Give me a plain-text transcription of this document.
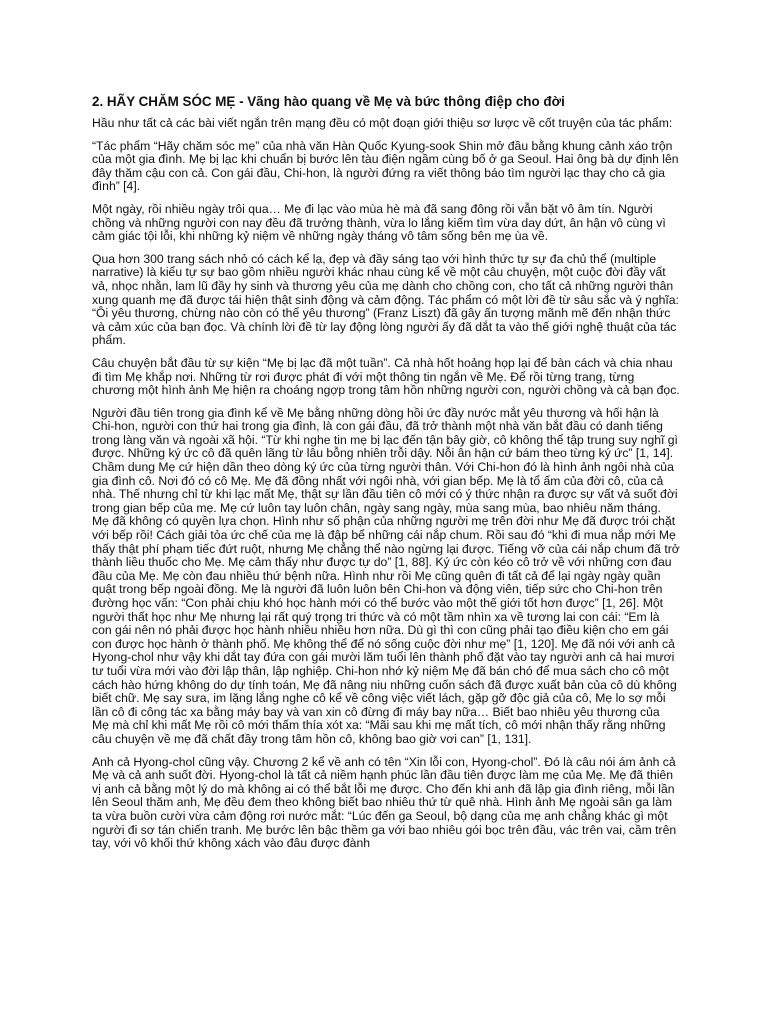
2. HÃY CHĂM SÓC MẸ - Vãng hào quang về Mẹ và bức thông điệp cho đời
Hầu như tất cả các bài viết ngắn trên mạng đều có một đoạn giới thiệu sơ lược về cốt truyện của tác phẩm:
“Tác phẩm “Hãy chăm sóc mẹ” của nhà văn Hàn Quốc Kyung-sook Shin mở đầu bằng khung cảnh xáo trộn của một gia đình. Mẹ bị lạc khi chuẩn bị bước lên tàu điện ngầm cùng bố ở ga Seoul. Hai ông bà dự định lên đây thăm cậu con cả. Con gái đầu, Chi-hon, là người đứng ra viết thông báo tìm người lạc thay cho cả gia đình” [4].
Một ngày, rồi nhiều ngày trôi qua… Mẹ đi lạc vào mùa hè mà đã sang đông rồi vẫn bặt vô âm tín. Người chồng và những người con nay đều đã trưởng thành, vừa lo lắng kiếm tìm vừa day dứt, ân hận vô cùng vì cảm giác tội lỗi, khi những kỷ niệm về những ngày tháng vô tâm sống bên mẹ ùa về.
Qua hơn 300 trang sách nhỏ có cách kể lạ, đẹp và đầy sáng tạo với hình thức tự sự đa chủ thể (multiple narrative) là kiểu tự sự bao gồm nhiều người khác nhau cùng kể về một câu chuyện, một cuộc đời đầy vất vả, nhọc nhằn, lam lũ đầy hy sinh và thương yêu của mẹ dành cho chồng con, cho tất cả những người thân xung quanh mẹ đã được tái hiện thật sinh động và cảm động. Tác phẩm có một lời đề từ sâu sắc và ý nghĩa: “Ôi yêu thương, chừng nào còn có thể yêu thương” (Franz Liszt) đã gây ấn tượng mãnh mẽ đến nhận thức và cảm xúc của bạn đọc. Và chính lời đề từ lay động lòng người ấy đã dắt ta vào thế giới nghệ thuật của tác phẩm.
Câu chuyện bắt đầu từ sự kiện “Mẹ bị lạc đã một tuần”. Cả nhà hốt hoảng họp lại để bàn cách và chia nhau đi tìm Mẹ khắp nơi. Những từ rơi được phát đi với một thông tin ngắn về Mẹ. Để rồi từng trang, từng chương một hình ảnh Mẹ hiện ra choáng ngợp trong tâm hồn những người con, người chồng và cả bạn đọc.
Người đầu tiên trong gia đình kể về Mẹ bằng những dòng hồi ức đầy nước mắt yêu thương và hối hận là Chi-hon, người con thứ hai trong gia đình, là con gái đầu, đã trở thành một nhà văn bắt đầu có danh tiếng trong làng văn và ngoài xã hội. “Từ khi nghe tin mẹ bị lạc đến tận bây giờ, cô không thể tập trung suy nghĩ gì được. Những ký ức cô đã quên lãng từ lâu bỗng nhiên trỗi dậy. Nỗi ân hận cứ bám theo từng ký ức” [1, 14]. Chầm dung Mẹ cứ hiện dần theo dòng ký ức của từng người thân. Với Chi-hon đó là hình ảnh ngôi nhà của gia đình cô. Nơi đó có cô Mẹ. Mẹ đã đồng nhất với ngôi nhà, với gian bếp. Mẹ là tổ ấm của đời cô, của cả nhà. Thế nhưng chỉ từ khi lạc mất Mẹ, thật sự lần đầu tiên cô mới có ý thức nhận ra được sự vất vả suốt đời trong gian bếp của mẹ. Mẹ cứ luôn tay luôn chân, ngày sang ngày, mùa sang mùa, bao nhiêu năm tháng. Mẹ đã không có quyền lựa chọn. Hình như số phận của những người mẹ trên đời như Mẹ đã được trói chặt với bếp rồi! Cách giải tỏa ức chế của mẹ là đập bể những cái nắp chum. Rồi sau đó “khi đi mua nắp mới Mẹ thấy thật phí phạm tiếc đứt ruột, nhưng Mẹ chẳng thể nào ngừng lại được. Tiếng vỡ của cái nắp chum đã trở thành liều thuốc cho Mẹ. Mẹ cảm thấy như được tự do” [1, 88]. Ký ức còn kéo cô trở về với những cơn đau đầu của Mẹ. Mẹ còn đau nhiều thứ bệnh nữa. Hình như rồi Mẹ cũng quên đi tất cả để lại ngày ngày quần quật trong bếp ngoài đồng. Mẹ là người đã luôn luôn bên Chi-hon và động viên, tiếp sức cho Chi-hon trên đường học vấn: “Con phải chịu khó học hành mới có thể bước vào một thế giới tốt hơn được” [1, 26]. Một người thất học như Mẹ nhưng lại rất quý trọng tri thức và có một tầm nhìn xa về tương lai con cái: “Em là con gái nên nó phải được học hành nhiều nhiều hơn nữa. Dù gì thì con cũng phải tạo điều kiện cho em gái con được học hành ở thành phố. Mẹ không thể để nó sống cuộc đời như mẹ” [1, 120]. Mẹ đã nói với anh cả Hyong-chol như vậy khi dắt tay đứa con gái mười lăm tuổi lên thành phố đặt vào tay người anh cả hai mươi tư tuổi vừa mới vào đời lập thân, lập nghiệp. Chi-hon nhớ kỷ niệm Mẹ đã bán chó để mua sách cho cô một cách hào hứng không do dự tính toán, Mẹ đã nâng niu những cuốn sách đã được xuất bản của cô dù không biết chữ. Mẹ say sưa, im lặng lắng nghe cô kể về công việc viết lách, gặp gỡ độc giả của cô, Mẹ lo sợ mỗi lần cô đi công tác xa bằng máy bay và van xin cô đừng đi máy bay nữa… Biết bao nhiêu yêu thương của Mẹ mà chỉ khi mất Mẹ rồi cô mới thấm thía xót xa: “Mãi sau khi mẹ mất tích, cô mới nhận thấy rằng những câu chuyện về mẹ đã chất đầy trong tâm hồn cô, không bao giờ vơi can” [1, 131].
Anh cả Hyong-chol cũng vậy. Chương 2 kể về anh có tên “Xin lỗi con, Hyong-chol”. Đó là câu nói ám ảnh cả Mẹ và cả anh suốt đời. Hyong-chol là tất cả niềm hạnh phúc lần đầu tiên được làm mẹ của Mẹ. Mẹ đã thiên vị anh cả bằng một lý do mà không ai có thể bắt lỗi mẹ được. Cho đến khi anh đã lập gia đình riêng, mỗi lần lên Seoul thăm anh, Mẹ đều đem theo không biết bao nhiêu thứ từ quê nhà. Hình ảnh Mẹ ngoài sân ga làm ta vừa buồn cười vừa cảm động rơi nước mắt: “Lúc đến ga Seoul, bộ dạng của mẹ anh chẳng khác gì một người đi sơ tán chiến tranh. Mẹ bước lên bậc thềm ga với bao nhiêu gói bọc trên đầu, vác trên vai, cầm trên tay, với vô khối thứ không xách vào đâu được đành
